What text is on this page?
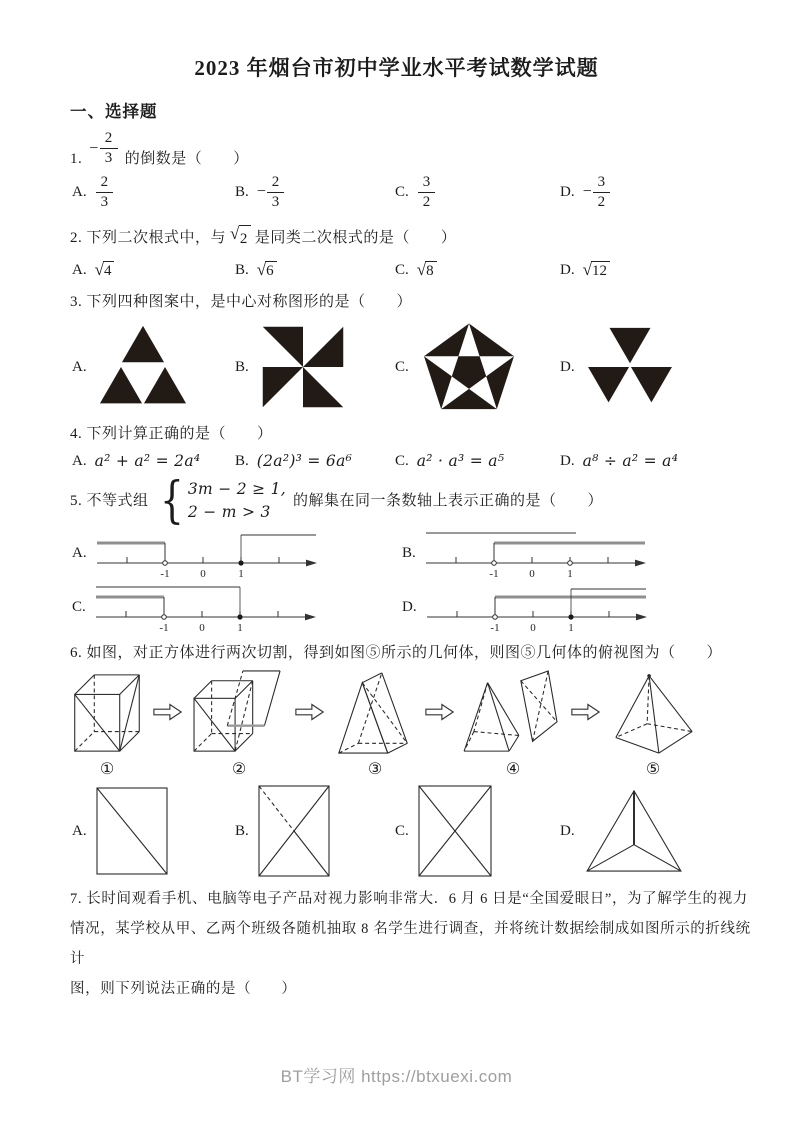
2023 年烟台市初中学业水平考试数学试题
一、选择题
1.
− $\frac{2}{3}$ 的倒数是（　　）
A. $\frac{2}{3}$	B. − $\frac{2}{3}$	C. $\frac{3}{2}$	D. − $\frac{3}{2}$
2. 下列二次根式中，与 √ 2 是同类二次根式的是（　　）
A. √ 4	B. √ 6	C. √ 8	D. √ 12
3. 下列四种图案中，是中心对称图形的是（　　）
A.	B.	C.	D.
4. 下列计算正确的是（　　）
A. a² + a² = 2a⁴ B. (2a²)³ = 6a⁶	C. a² · a³ = a⁵	D. a⁸ ÷ a² = a⁴
5. 不等式组 { 3m − 2 ≥ 1,
2 − m > 3
的解集在同一条数轴上表示正确的是（　　）
A.
-1	0	1
B.
-1	0	1
C.
-1	0	1
D.
-1	0	1
6. 如图，对正方体进行两次切割，得到如图⑤所示的几何体，则图⑤几何体的俯视图为（　　）
①	②	③	④	⑤
A.	B.	C.	D.
7. 长时间观看手机、电脑等电子产品对视力影响非常大．6 月 6 日是“全国爱眼日”，为了解学生的视力
情况，某学校从甲、乙两个班级各随机抽取 8 名学生进行调查，并将统计数据绘制成如图所示的折线统计
图，则下列说法正确的是（　　）
BT学习网 https://btxuexi.com
